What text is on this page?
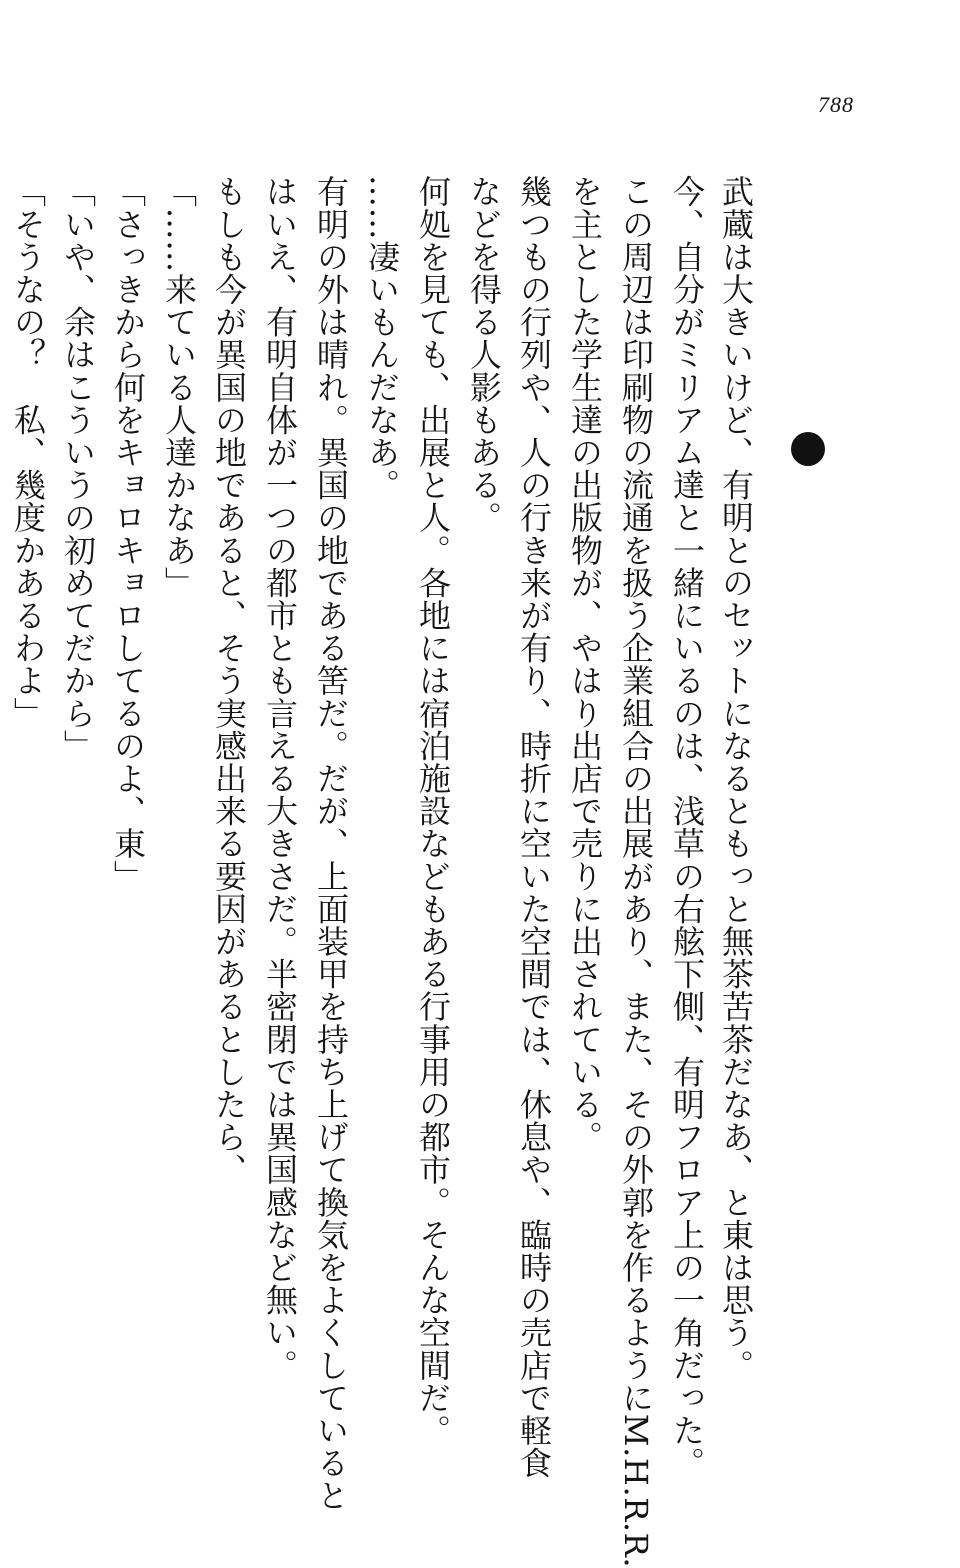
788
武蔵は大きいけど、有明とのセットになるともっと無茶苦茶だなあ、と東は思う。
今、自分がミリアム達と一緒にいるのは、浅草の右舷下側、有明フロア上の一角だった。
この周辺は印刷物の流通を扱う企業組合の出展があり、また、その外郭を作るようにM.H.R.R.
を主とした学生達の出版物が、やはり出店で売りに出されている。
幾つもの行列や、人の行き来が有り、時折に空いた空間では、休息や、臨時の売店で軽食
などを得る人影もある。
何処を見ても、出展と人。各地には宿泊施設などもある行事用の都市。そんな空間だ。
……凄いもんだなあ。
有明の外は晴れ。異国の地である筈だ。だが、上面装甲を持ち上げて換気をよくしていると
はいえ、有明自体が一つの都市とも言える大きさだ。半密閉では異国感など無い。
もしも今が異国の地であると、そう実感出来る要因があるとしたら、
「……来ている人達かなあ」
「さっきから何をキョロキョロしてるのよ、東」
「いや、余はこういうの初めてだから」
「そうなの？　私、幾度かあるわよ」
